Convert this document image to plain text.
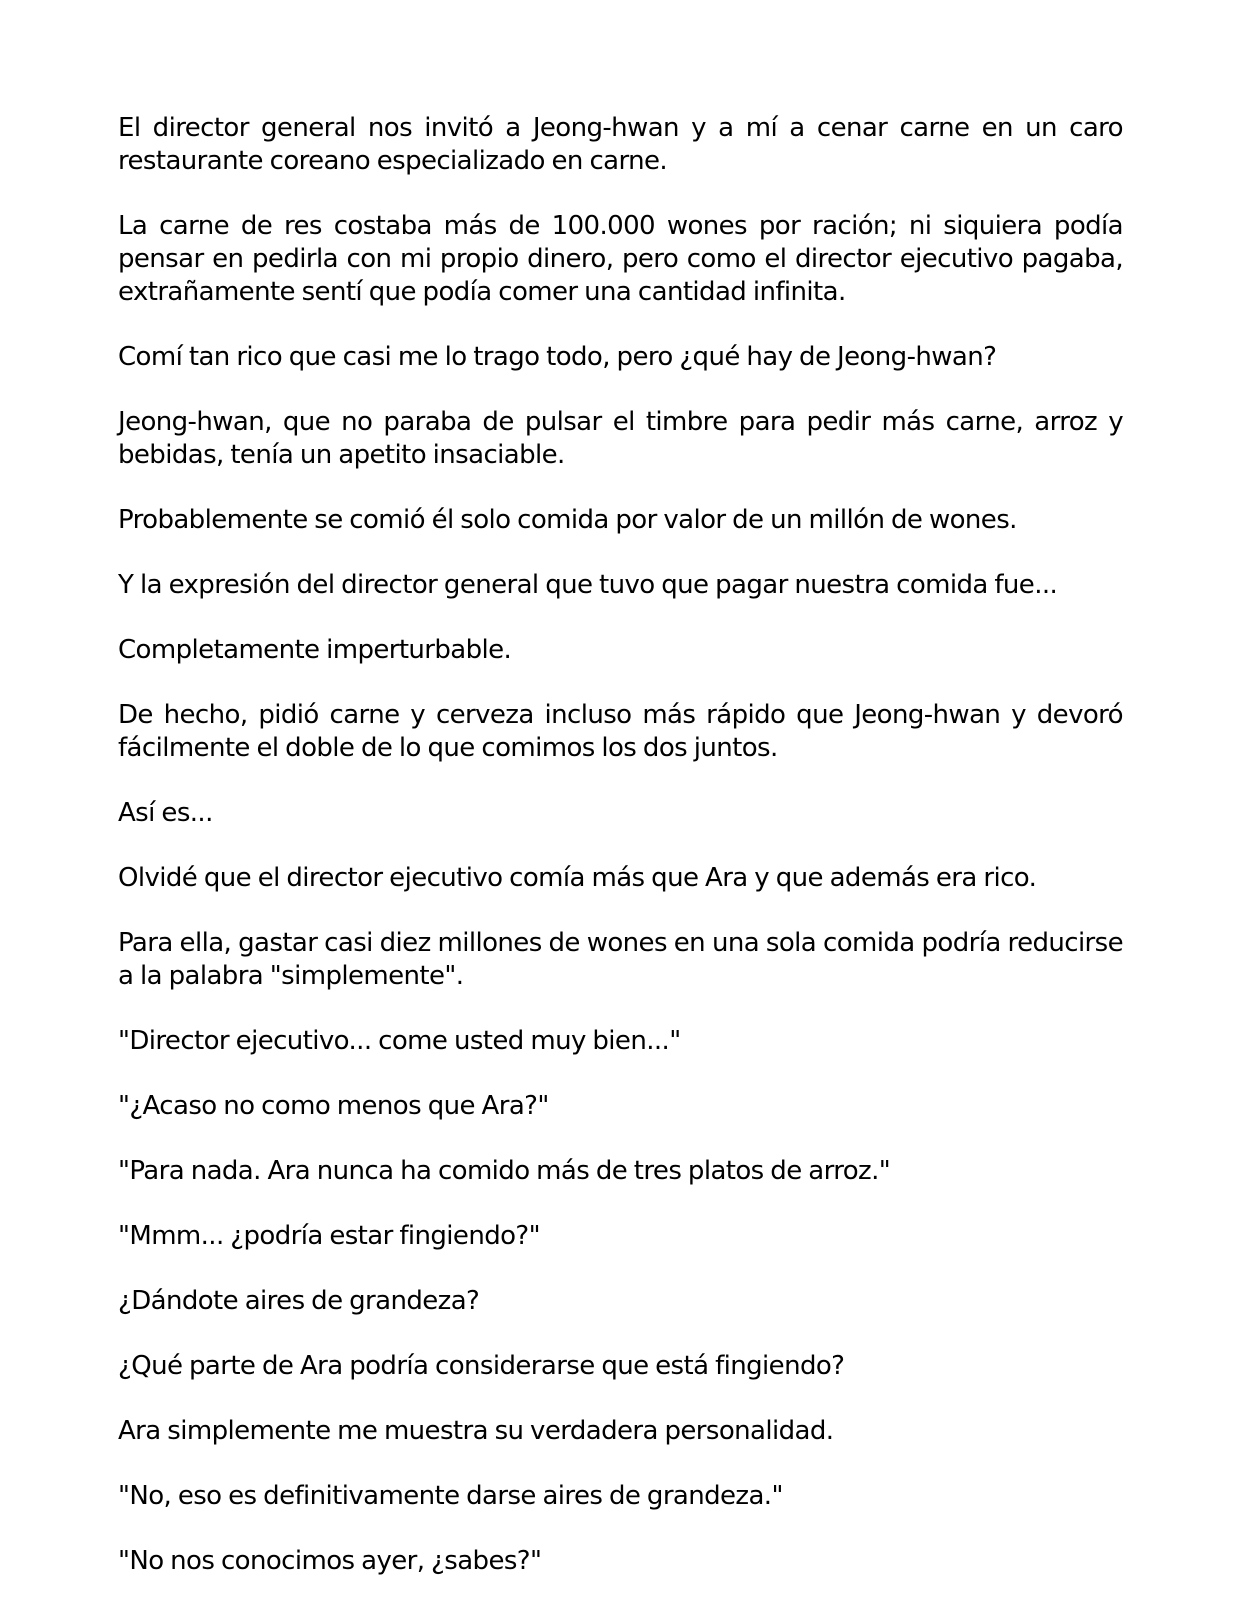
El director general nos invitó a Jeong-hwan y a mí a cenar carne en un caro restaurante coreano especializado en carne.

La carne de res costaba más de 100.000 wones por ración; ni siquiera podía pensar en pedirla con mi propio dinero, pero como el director ejecutivo pagaba, extrañamente sentí que podía comer una cantidad infinita.

Comí tan rico que casi me lo trago todo, pero ¿qué hay de Jeong-hwan?

Jeong-hwan, que no paraba de pulsar el timbre para pedir más carne, arroz y bebidas, tenía un apetito insaciable.

Probablemente se comió él solo comida por valor de un millón de wones.

Y la expresión del director general que tuvo que pagar nuestra comida fue...

Completamente imperturbable.

De hecho, pidió carne y cerveza incluso más rápido que Jeong-hwan y devoró fácilmente el doble de lo que comimos los dos juntos.

Así es...

Olvidé que el director ejecutivo comía más que Ara y que además era rico.

Para ella, gastar casi diez millones de wones en una sola comida podría reducirse a la palabra "simplemente".

"Director ejecutivo... come usted muy bien..."

"¿Acaso no como menos que Ara?"

"Para nada. Ara nunca ha comido más de tres platos de arroz."

"Mmm... ¿podría estar fingiendo?"

¿Dándote aires de grandeza?

¿Qué parte de Ara podría considerarse que está fingiendo?

Ara simplemente me muestra su verdadera personalidad.

"No, eso es definitivamente darse aires de grandeza."

"No nos conocimos ayer, ¿sabes?"
